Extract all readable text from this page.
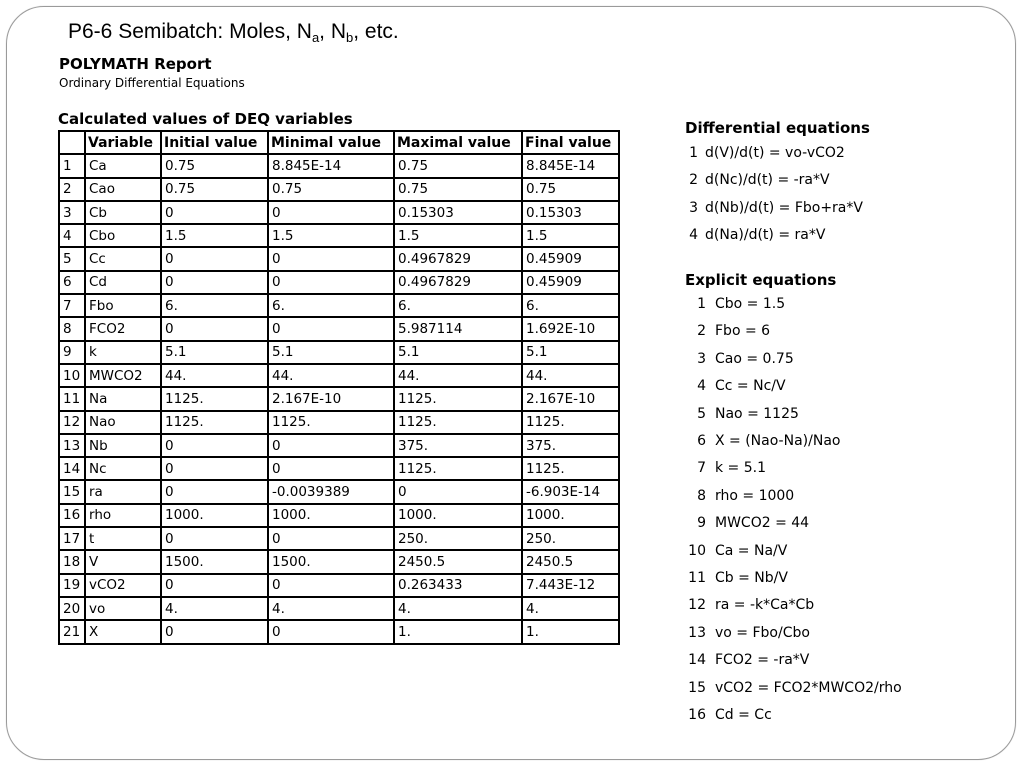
P6-6 Semibatch: Moles, $N_a$, $N_b$, etc.
POLYMATH Report
Ordinary Differential Equations
Calculated values of DEQ variables
	Variable	Initial value	Minimal value	Maximal value	Final value
1	Ca	0.75	8.845E-14	0.75	8.845E-14
2	Cao	0.75	0.75	0.75	0.75
3	Cb	0	0	0.15303	0.15303
4	Cbo	1.5	1.5	1.5	1.5
5	Cc	0	0	0.4967829	0.45909
6	Cd	0	0	0.4967829	0.45909
7	Fbo	6.	6.	6.	6.
8	FCO2	0	0	5.987114	1.692E-10
9	k	5.1	5.1	5.1	5.1
10	MWCO2	44.	44.	44.	44.
11	Na	1125.	2.167E-10	1125.	2.167E-10
12	Nao	1125.	1125.	1125.	1125.
13	Nb	0	0	375.	375.
14	Nc	0	0	1125.	1125.
15	ra	0	-0.0039389	0	-6.903E-14
16	rho	1000.	1000.	1000.	1000.
17	t	0	0	250.	250.
18	V	1500.	1500.	2450.5	2450.5
19	vCO2	0	0	0.263433	7.443E-12
20	vo	4.	4.	4.	4.
21	X	0	0	1.	1.
Differential equations
1 d(V)/d(t) = vo-vCO2
2 d(Nc)/d(t) = -ra*V
3 d(Nb)/d(t) = Fbo+ra*V
4 d(Na)/d(t) = ra*V
Explicit equations
1 Cbo = 1.5
2 Fbo = 6
3 Cao = 0.75
4 Cc = Nc/V
5 Nao = 1125
6 X = (Nao-Na)/Nao
7 k = 5.1
8 rho = 1000
9 MWCO2 = 44
10 Ca = Na/V
11 Cb = Nb/V
12 ra = -k*Ca*Cb
13 vo = Fbo/Cbo
14 FCO2 = -ra*V
15 vCO2 = FCO2*MWCO2/rho
16 Cd = Cc
